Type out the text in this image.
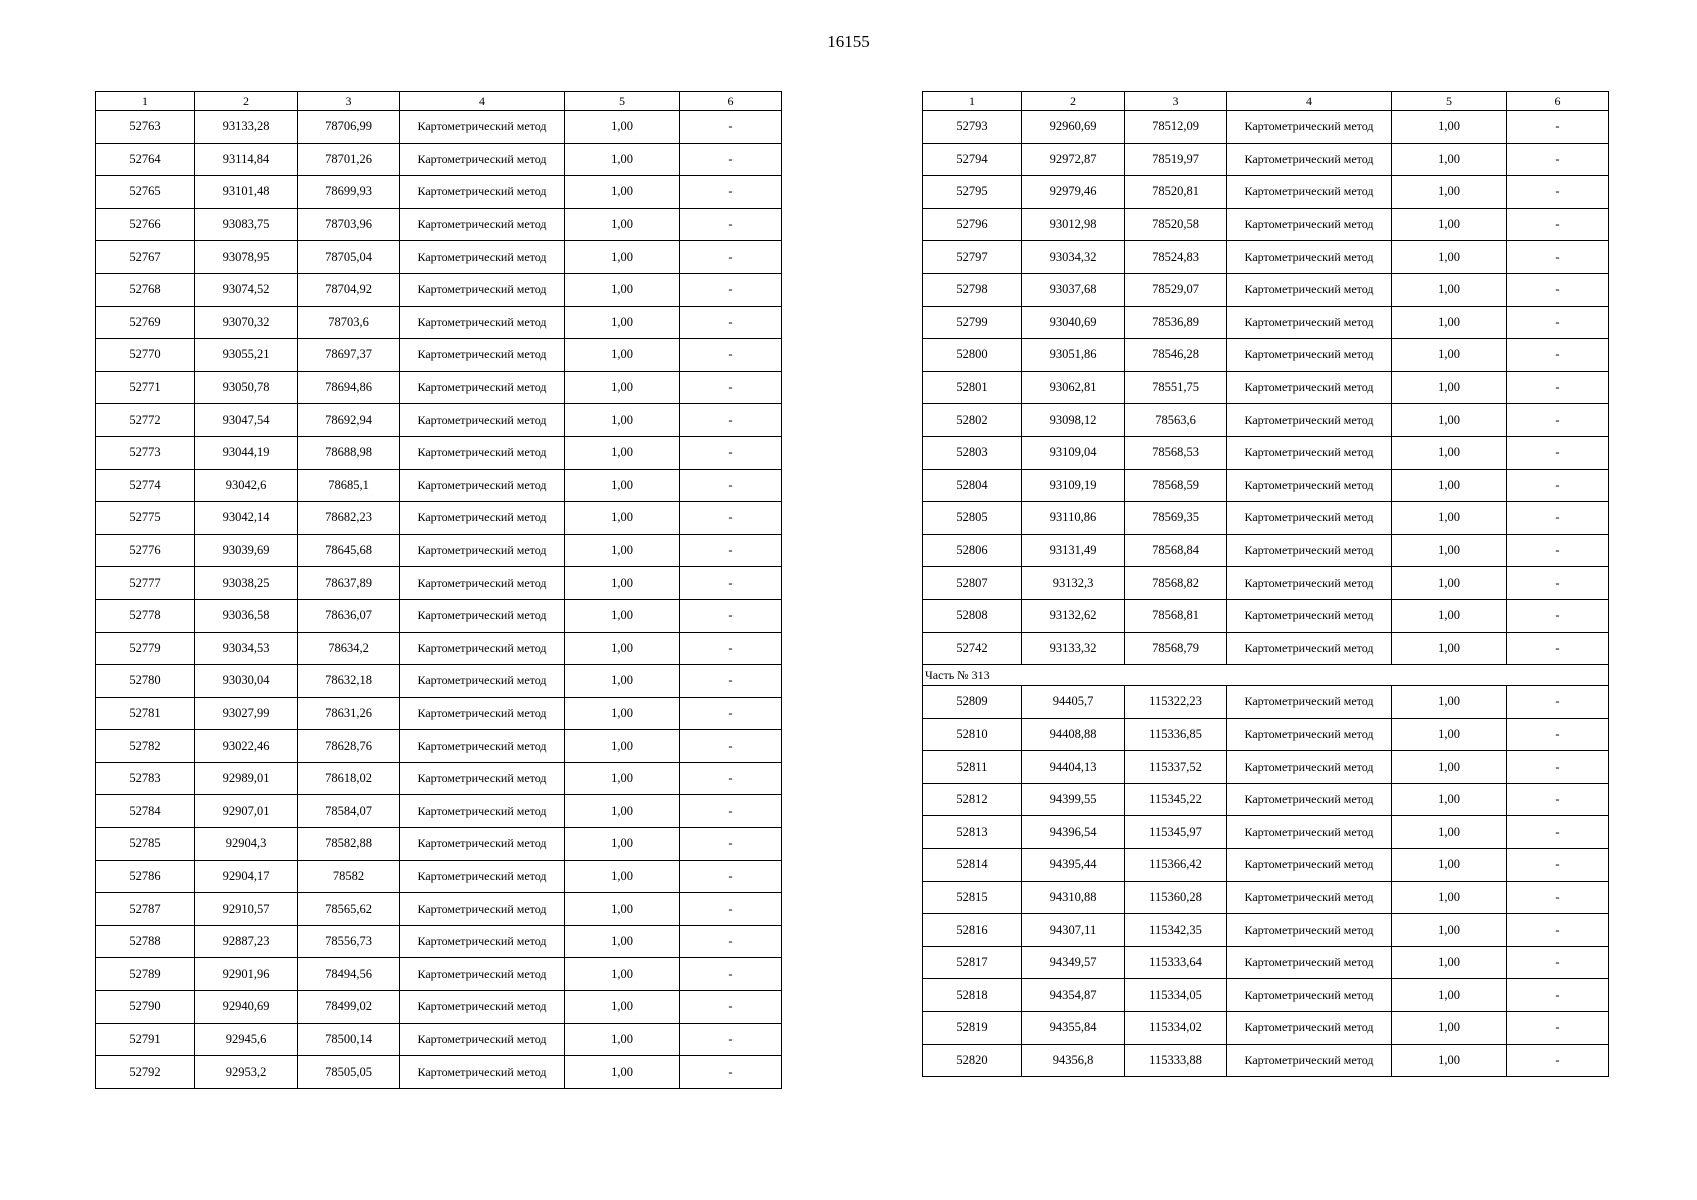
16155
1	2	3	4	5	6
52763	93133,28	78706,99	Картометрический метод	1,00	-
52764	93114,84	78701,26	Картометрический метод	1,00	-
52765	93101,48	78699,93	Картометрический метод	1,00	-
52766	93083,75	78703,96	Картометрический метод	1,00	-
52767	93078,95	78705,04	Картометрический метод	1,00	-
52768	93074,52	78704,92	Картометрический метод	1,00	-
52769	93070,32	78703,6	Картометрический метод	1,00	-
52770	93055,21	78697,37	Картометрический метод	1,00	-
52771	93050,78	78694,86	Картометрический метод	1,00	-
52772	93047,54	78692,94	Картометрический метод	1,00	-
52773	93044,19	78688,98	Картометрический метод	1,00	-
52774	93042,6	78685,1	Картометрический метод	1,00	-
52775	93042,14	78682,23	Картометрический метод	1,00	-
52776	93039,69	78645,68	Картометрический метод	1,00	-
52777	93038,25	78637,89	Картометрический метод	1,00	-
52778	93036,58	78636,07	Картометрический метод	1,00	-
52779	93034,53	78634,2	Картометрический метод	1,00	-
52780	93030,04	78632,18	Картометрический метод	1,00	-
52781	93027,99	78631,26	Картометрический метод	1,00	-
52782	93022,46	78628,76	Картометрический метод	1,00	-
52783	92989,01	78618,02	Картометрический метод	1,00	-
52784	92907,01	78584,07	Картометрический метод	1,00	-
52785	92904,3	78582,88	Картометрический метод	1,00	-
52786	92904,17	78582	Картометрический метод	1,00	-
52787	92910,57	78565,62	Картометрический метод	1,00	-
52788	92887,23	78556,73	Картометрический метод	1,00	-
52789	92901,96	78494,56	Картометрический метод	1,00	-
52790	92940,69	78499,02	Картометрический метод	1,00	-
52791	92945,6	78500,14	Картометрический метод	1,00	-
52792	92953,2	78505,05	Картометрический метод	1,00	-
1	2	3	4	5	6
52793	92960,69	78512,09	Картометрический метод	1,00	-
52794	92972,87	78519,97	Картометрический метод	1,00	-
52795	92979,46	78520,81	Картометрический метод	1,00	-
52796	93012,98	78520,58	Картометрический метод	1,00	-
52797	93034,32	78524,83	Картометрический метод	1,00	-
52798	93037,68	78529,07	Картометрический метод	1,00	-
52799	93040,69	78536,89	Картометрический метод	1,00	-
52800	93051,86	78546,28	Картометрический метод	1,00	-
52801	93062,81	78551,75	Картометрический метод	1,00	-
52802	93098,12	78563,6	Картометрический метод	1,00	-
52803	93109,04	78568,53	Картометрический метод	1,00	-
52804	93109,19	78568,59	Картометрический метод	1,00	-
52805	93110,86	78569,35	Картометрический метод	1,00	-
52806	93131,49	78568,84	Картометрический метод	1,00	-
52807	93132,3	78568,82	Картометрический метод	1,00	-
52808	93132,62	78568,81	Картометрический метод	1,00	-
52742	93133,32	78568,79	Картометрический метод	1,00	-
Часть № 313					
52809	94405,7	115322,23	Картометрический метод	1,00	-
52810	94408,88	115336,85	Картометрический метод	1,00	-
52811	94404,13	115337,52	Картометрический метод	1,00	-
52812	94399,55	115345,22	Картометрический метод	1,00	-
52813	94396,54	115345,97	Картометрический метод	1,00	-
52814	94395,44	115366,42	Картометрический метод	1,00	-
52815	94310,88	115360,28	Картометрический метод	1,00	-
52816	94307,11	115342,35	Картометрический метод	1,00	-
52817	94349,57	115333,64	Картометрический метод	1,00	-
52818	94354,87	115334,05	Картометрический метод	1,00	-
52819	94355,84	115334,02	Картометрический метод	1,00	-
52820	94356,8	115333,88	Картометрический метод	1,00	-
